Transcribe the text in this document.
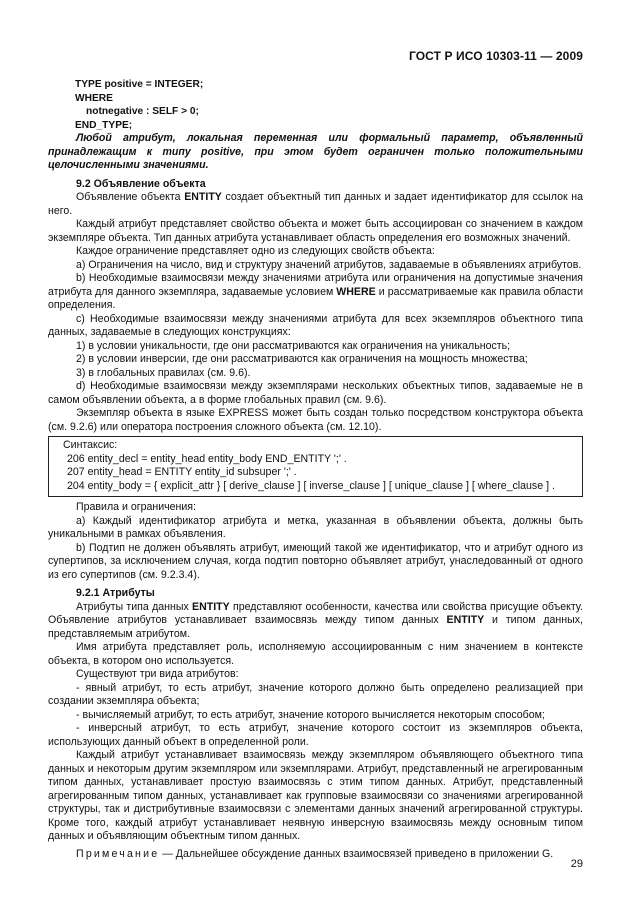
ГОСТ Р ИСО 10303-11 — 2009

TYPE positive = INTEGER;

WHERE

notnegative : SELF > 0;

END_TYPE;

Любой атрибут, локальная переменная или формальный параметр, объявленный принадлежащим к типу positive, при этом будет ограничен только положительными целочисленными значениями.

9.2 Объявление объекта

Объявление объекта ENTITY создает объектный тип данных и задает идентификатор для ссылок на него.

Каждый атрибут представляет свойство объекта и может быть ассоциирован со значением в каждом экземпляре объекта. Тип данных атрибута устанавливает область определения его возможных значений.

Каждое ограничение представляет одно из следующих свойств объекта:

a) Ограничения на число, вид и структуру значений атрибутов, задаваемые в объявлениях атрибутов.

b) Необходимые взаимосвязи между значениями атрибута или ограничения на допустимые значения атрибута для данного экземпляра, задаваемые условием WHERE и рассматриваемые как правила области определения.

c) Необходимые взаимосвязи между значениями атрибута для всех экземпляров объектного типа данных, задаваемые в следующих конструкциях:

1) в условии уникальности, где они рассматриваются как ограничения на уникальность;

2) в условии инверсии, где они рассматриваются как ограничения на мощность множества;

3) в глобальных правилах (см. 9.6).

d) Необходимые взаимосвязи между экземплярами нескольких объектных типов, задаваемые не в самом объявлении объекта, а в форме глобальных правил (см. 9.6).

Экземпляр объекта в языке EXPRESS может быть создан только посредством конструктора объекта (см. 9.2.6) или оператора построения сложного объекта (см. 12.10).

Синтаксис:

206 entity_decl = entity_head entity_body END_ENTITY ';' .

207 entity_head = ENTITY entity_id subsuper ';' .

204 entity_body = { explicit_attr } [ derive_clause ] [ inverse_clause ] [ unique_clause ] [ where_clause ] .

Правила и ограничения:

a) Каждый идентификатор атрибута и метка, указанная в объявлении объекта, должны быть уникальными в рамках объявления.

b) Подтип не должен объявлять атрибут, имеющий такой же идентификатор, что и атрибут одного из супертипов, за исключением случая, когда подтип повторно объявляет атрибут, унаследованный от одного из его супертипов (см. 9.2.3.4).

9.2.1 Атрибуты

Атрибуты типа данных ENTITY представляют особенности, качества или свойства присущие объекту. Объявление атрибутов устанавливает взаимосвязь между типом данных ENTITY и типом данных, представляемым атрибутом.

Имя атрибута представляет роль, исполняемую ассоциированным с ним значением в контексте объекта, в котором оно используется.

Существуют три вида атрибутов:

- явный атрибут, то есть атрибут, значение которого должно быть определено реализацией при создании экземпляра объекта;

- вычисляемый атрибут, то есть атрибут, значение которого вычисляется некоторым способом;

- инверсный атрибут, то есть атрибут, значение которого состоит из экземпляров объекта, использующих данный объект в определенной роли.

Каждый атрибут устанавливает взаимосвязь между экземпляром объявляющего объектного типа данных и некоторым другим экземпляром или экземплярами. Атрибут, представленный не агрегированным типом данных, устанавливает простую взаимосвязь с этим типом данных. Атрибут, представленный агрегированным типом данных, устанавливает как групповые взаимосвязи со значениями агрегированной структуры, так и дистрибутивные взаимосвязи с элементами данных значений агрегированной структуры. Кроме того, каждый атрибут устанавливает неявную инверсную взаимосвязь между основным типом данных и объявляющим объектным типом данных.

Примечание — Дальнейшее обсуждение данных взаимосвязей приведено в приложении G.

29
